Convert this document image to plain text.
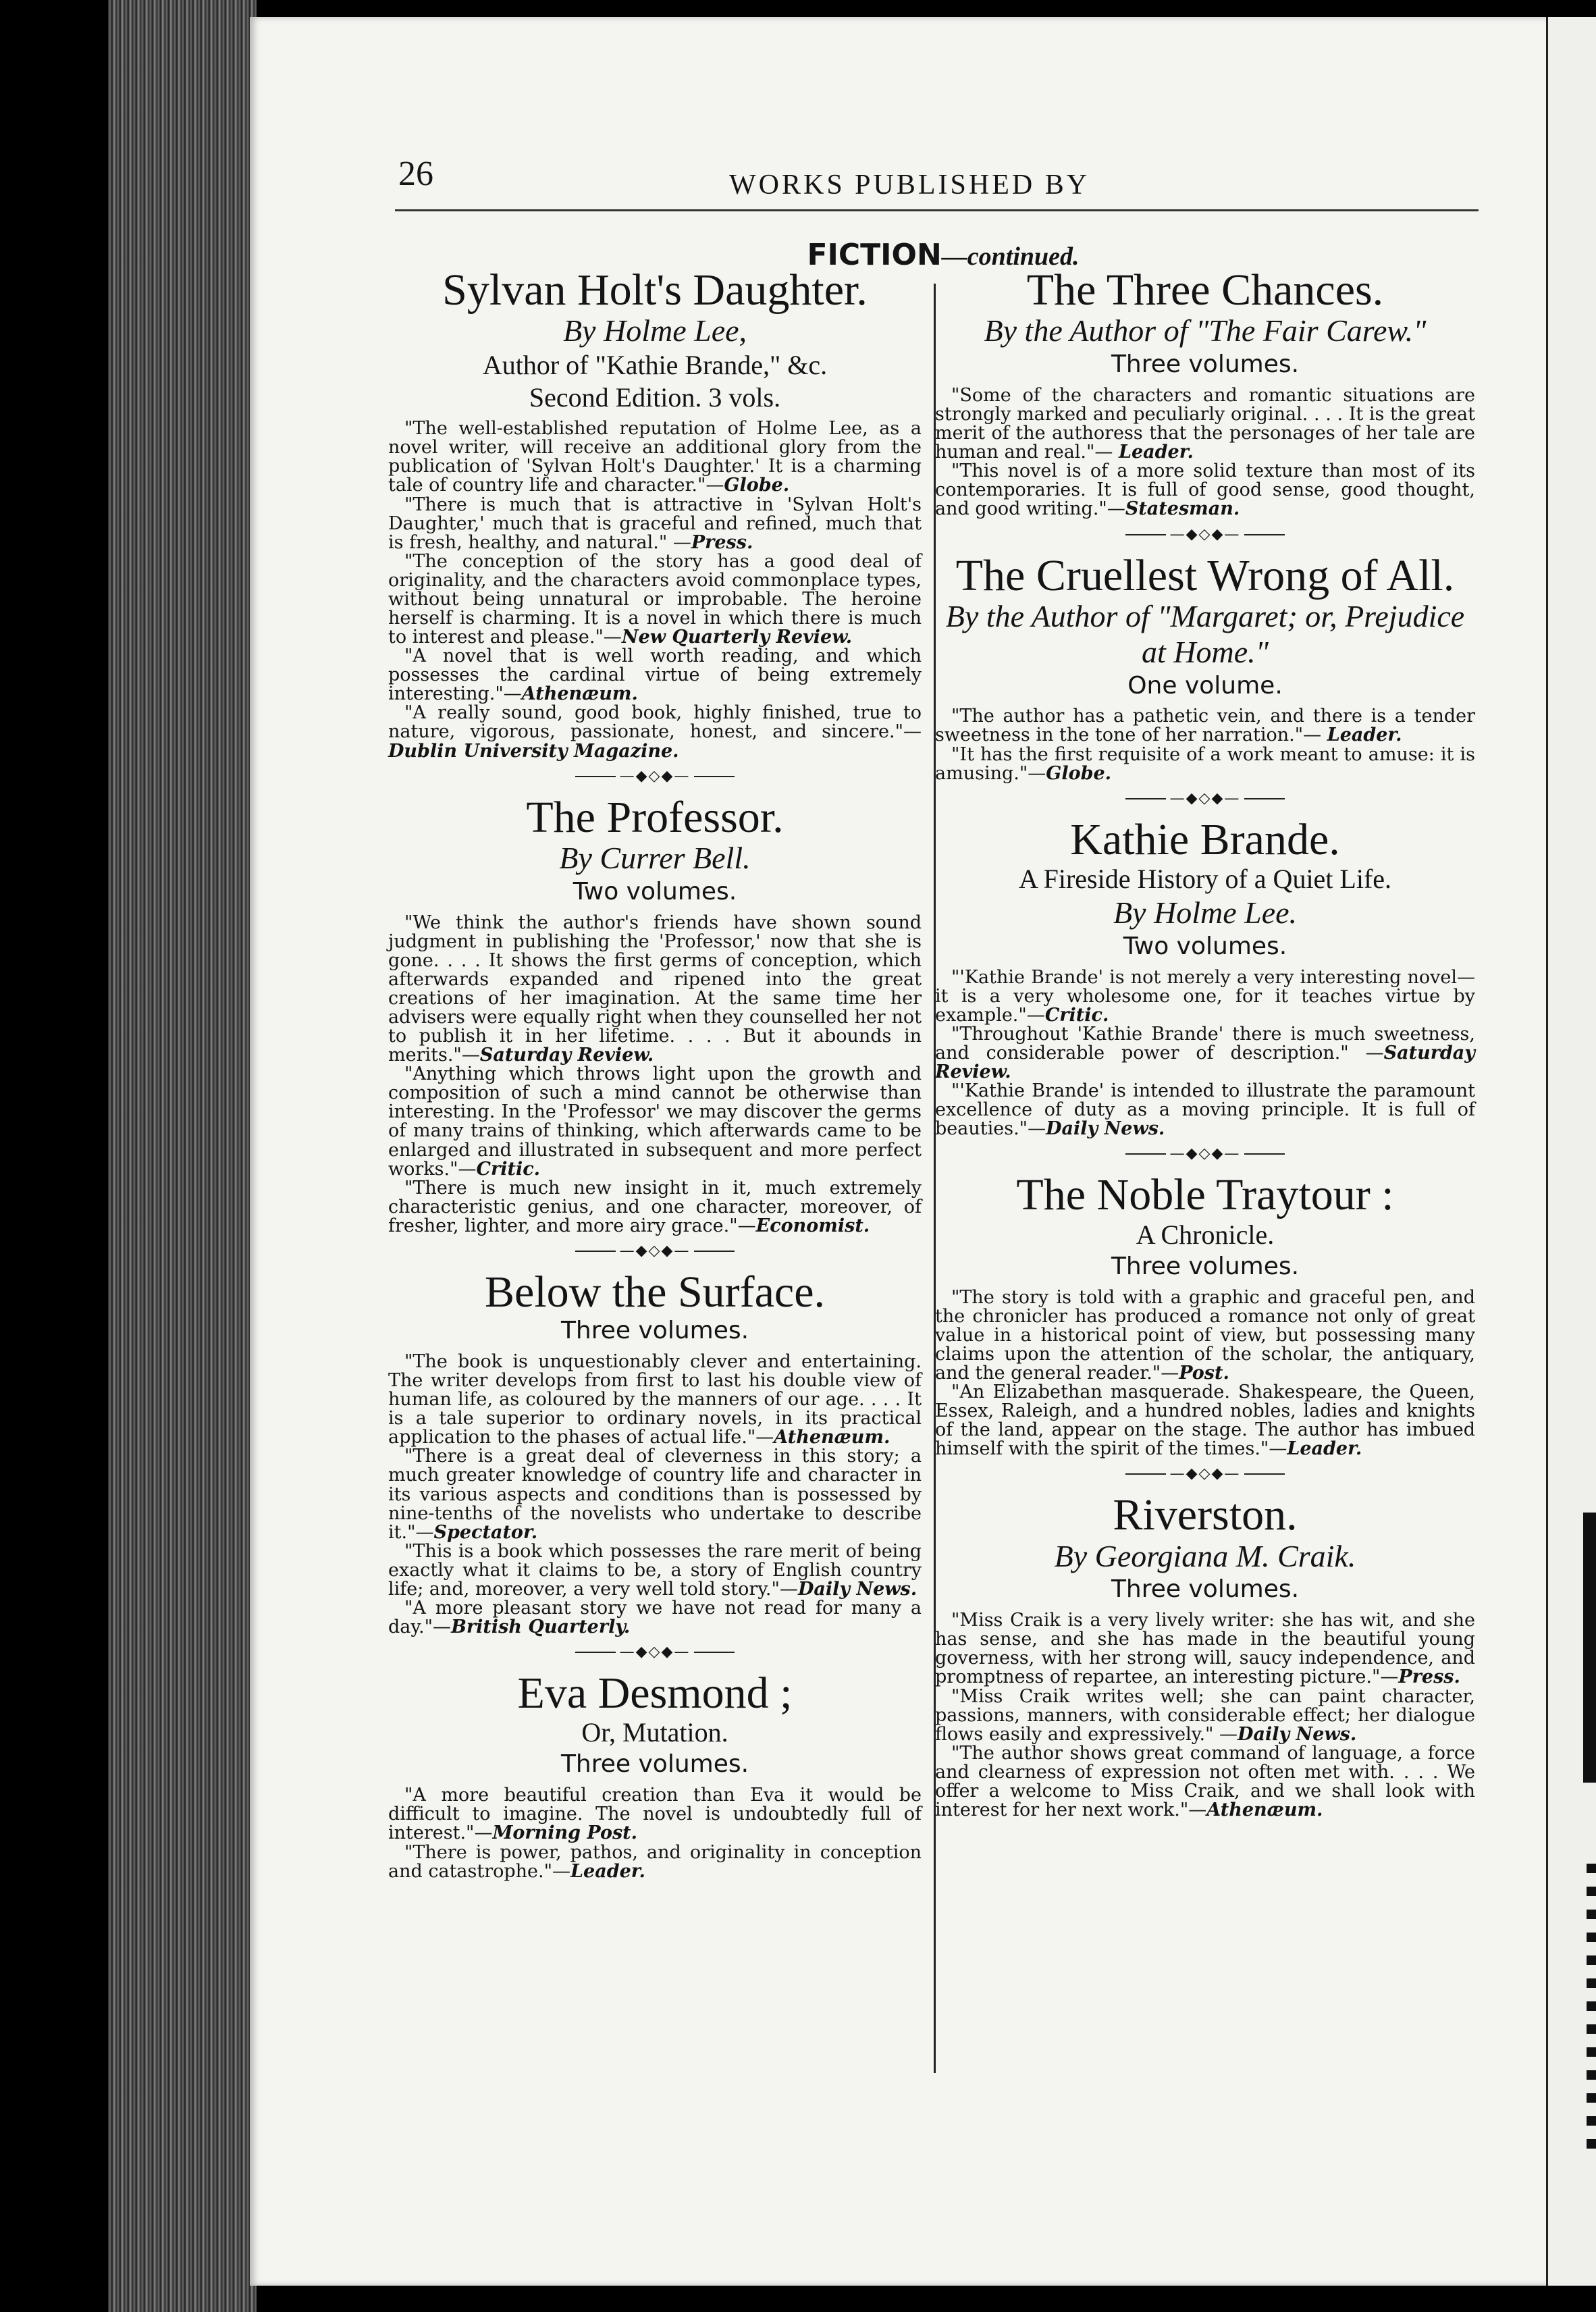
26	WORKS PUBLISHED BY
FICTION—continued.
Sylvan Holt's Daughter.
By Holme Lee,
Author of "Kathie Brande," &c.
Second Edition. 3 vols.

"The well-established reputation of Holme Lee, as a novel writer, will receive an additional glory from the publication of 'Sylvan Holt's Daughter.' It is a charming tale of country life and character."—Globe.

"There is much that is attractive in 'Sylvan Holt's Daughter,' much that is graceful and refined, much that is fresh, healthy, and natural." —Press.

"The conception of the story has a good deal of originality, and the characters avoid commonplace types, without being unnatural or improbable. The heroine herself is charming. It is a novel in which there is much to interest and please."—New Quarterly Review.

"A novel that is well worth reading, and which possesses the cardinal virtue of being extremely interesting."—Athenæum.

"A really sound, good book, highly finished, true to nature, vigorous, passionate, honest, and sincere."—Dublin University Magazine.

—◆◇◆—
The Professor.
By Currer Bell.
Two volumes.

"We think the author's friends have shown sound judgment in publishing the 'Professor,' now that she is gone. . . . It shows the first germs of conception, which afterwards expanded and ripened into the great creations of her imagination. At the same time her advisers were equally right when they counselled her not to publish it in her lifetime. . . . But it abounds in merits."—Saturday Review.

"Anything which throws light upon the growth and composition of such a mind cannot be otherwise than interesting. In the 'Professor' we may discover the germs of many trains of thinking, which afterwards came to be enlarged and illustrated in subsequent and more perfect works."—Critic.

"There is much new insight in it, much extremely characteristic genius, and one character, moreover, of fresher, lighter, and more airy grace."—Economist.

—◆◇◆—
Below the Surface.
Three volumes.

"The book is unquestionably clever and entertaining. The writer develops from first to last his double view of human life, as coloured by the manners of our age. . . . It is a tale superior to ordinary novels, in its practical application to the phases of actual life."—Athenæum.

"There is a great deal of cleverness in this story; a much greater knowledge of country life and character in its various aspects and conditions than is possessed by nine-tenths of the novelists who undertake to describe it."—Spectator.

"This is a book which possesses the rare merit of being exactly what it claims to be, a story of English country life; and, moreover, a very well told story."—Daily News.

"A more pleasant story we have not read for many a day."—British Quarterly.

—◆◇◆—
Eva Desmond ;
Or, Mutation.
Three volumes.

"A more beautiful creation than Eva it would be difficult to imagine. The novel is undoubtedly full of interest."—Morning Post.

"There is power, pathos, and originality in conception and catastrophe."—Leader.

The Three Chances.
By the Author of "The Fair Carew."
Three volumes.

"Some of the characters and romantic situations are strongly marked and peculiarly original. . . . It is the great merit of the authoress that the personages of her tale are human and real."— Leader.

"This novel is of a more solid texture than most of its contemporaries. It is full of good sense, good thought, and good writing."—Statesman.

—◆◇◆—
The Cruellest Wrong of All.
By the Author of "Margaret; or, Prejudice at Home."
One volume.

"The author has a pathetic vein, and there is a tender sweetness in the tone of her narration."— Leader.

"It has the first requisite of a work meant to amuse: it is amusing."—Globe.

—◆◇◆—
Kathie Brande.
A Fireside History of a Quiet Life.
By Holme Lee.
Two volumes.

"'Kathie Brande' is not merely a very interesting novel—it is a very wholesome one, for it teaches virtue by example."—Critic.

"Throughout 'Kathie Brande' there is much sweetness, and considerable power of description." —Saturday Review.

"'Kathie Brande' is intended to illustrate the paramount excellence of duty as a moving principle. It is full of beauties."—Daily News.

—◆◇◆—
The Noble Traytour :
A Chronicle.
Three volumes.

"The story is told with a graphic and graceful pen, and the chronicler has produced a romance not only of great value in a historical point of view, but possessing many claims upon the attention of the scholar, the antiquary, and the general reader."—Post.

"An Elizabethan masquerade. Shakespeare, the Queen, Essex, Raleigh, and a hundred nobles, ladies and knights of the land, appear on the stage. The author has imbued himself with the spirit of the times."—Leader.

—◆◇◆—
Riverston.
By Georgiana M. Craik.
Three volumes.

"Miss Craik is a very lively writer: she has wit, and she has sense, and she has made in the beautiful young governess, with her strong will, saucy independence, and promptness of repartee, an interesting picture."—Press.

"Miss Craik writes well; she can paint character, passions, manners, with considerable effect; her dialogue flows easily and expressively." —Daily News.

"The author shows great command of language, a force and clearness of expression not often met with. . . . We offer a welcome to Miss Craik, and we shall look with interest for her next work."—Athenæum.
